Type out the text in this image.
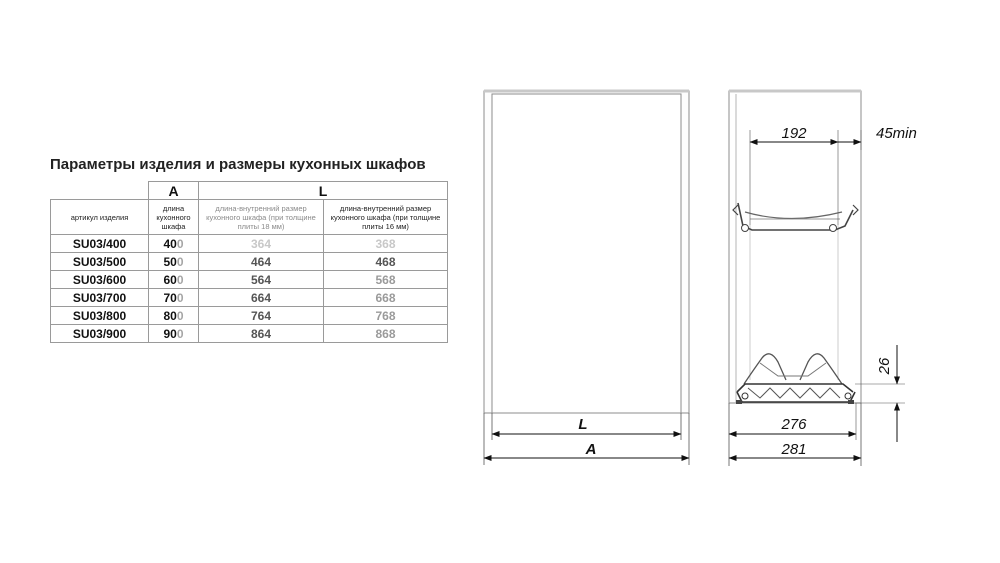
Параметры изделия и размеры кухонных шкафов
	A	L	
артикул изделия	длина кухонного шкафа	длина-внутренний размер кухонного шкафа (при толщине плиты 18 мм)	длина-внутренний размер кухонного шкафа (при толщине плиты 16 мм)
SU03/400	400	364	368
SU03/500	500	464	468
SU03/600	600	564	568
SU03/700	700	664	668
SU03/800	800	764	768
SU03/900	900	864	868
L
A
192	45min
26
276
281
